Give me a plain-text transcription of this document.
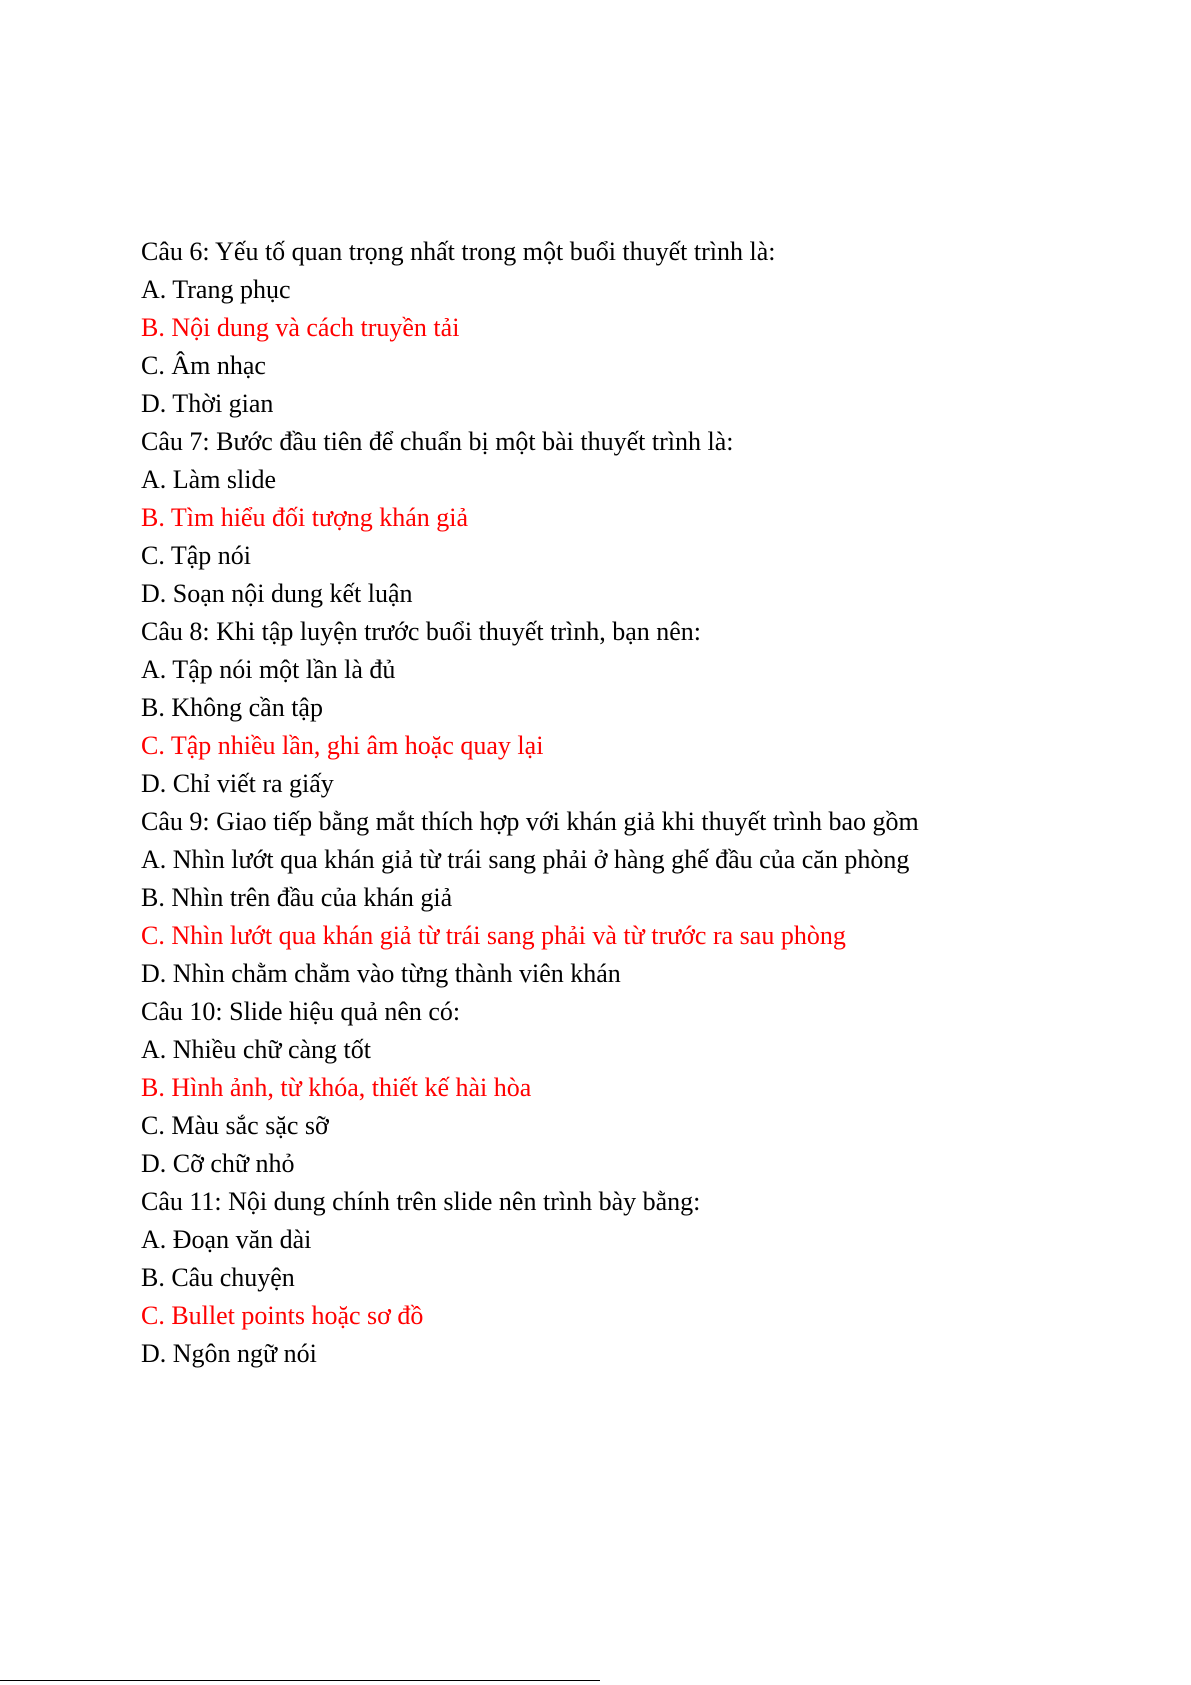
Câu 6: Yếu tố quan trọng nhất trong một buổi thuyết trình là:
A. Trang phục
B. Nội dung và cách truyền tải
C. Âm nhạc
D. Thời gian
Câu 7: Bước đầu tiên để chuẩn bị một bài thuyết trình là:
A. Làm slide
B. Tìm hiểu đối tượng khán giả
C. Tập nói
D. Soạn nội dung kết luận
Câu 8: Khi tập luyện trước buổi thuyết trình, bạn nên:
A. Tập nói một lần là đủ
B. Không cần tập
C. Tập nhiều lần, ghi âm hoặc quay lại
D. Chỉ viết ra giấy
Câu 9: Giao tiếp bằng mắt thích hợp với khán giả khi thuyết trình bao gồm
A. Nhìn lướt qua khán giả từ trái sang phải ở hàng ghế đầu của căn phòng
B. Nhìn trên đầu của khán giả
C. Nhìn lướt qua khán giả từ trái sang phải và từ trước ra sau phòng
D. Nhìn chằm chằm vào từng thành viên khán
Câu 10: Slide hiệu quả nên có:
A. Nhiều chữ càng tốt
B. Hình ảnh, từ khóa, thiết kế hài hòa
C. Màu sắc sặc sỡ
D. Cỡ chữ nhỏ
Câu 11: Nội dung chính trên slide nên trình bày bằng:
A. Đoạn văn dài
B. Câu chuyện
C. Bullet points hoặc sơ đồ
D. Ngôn ngữ nói
